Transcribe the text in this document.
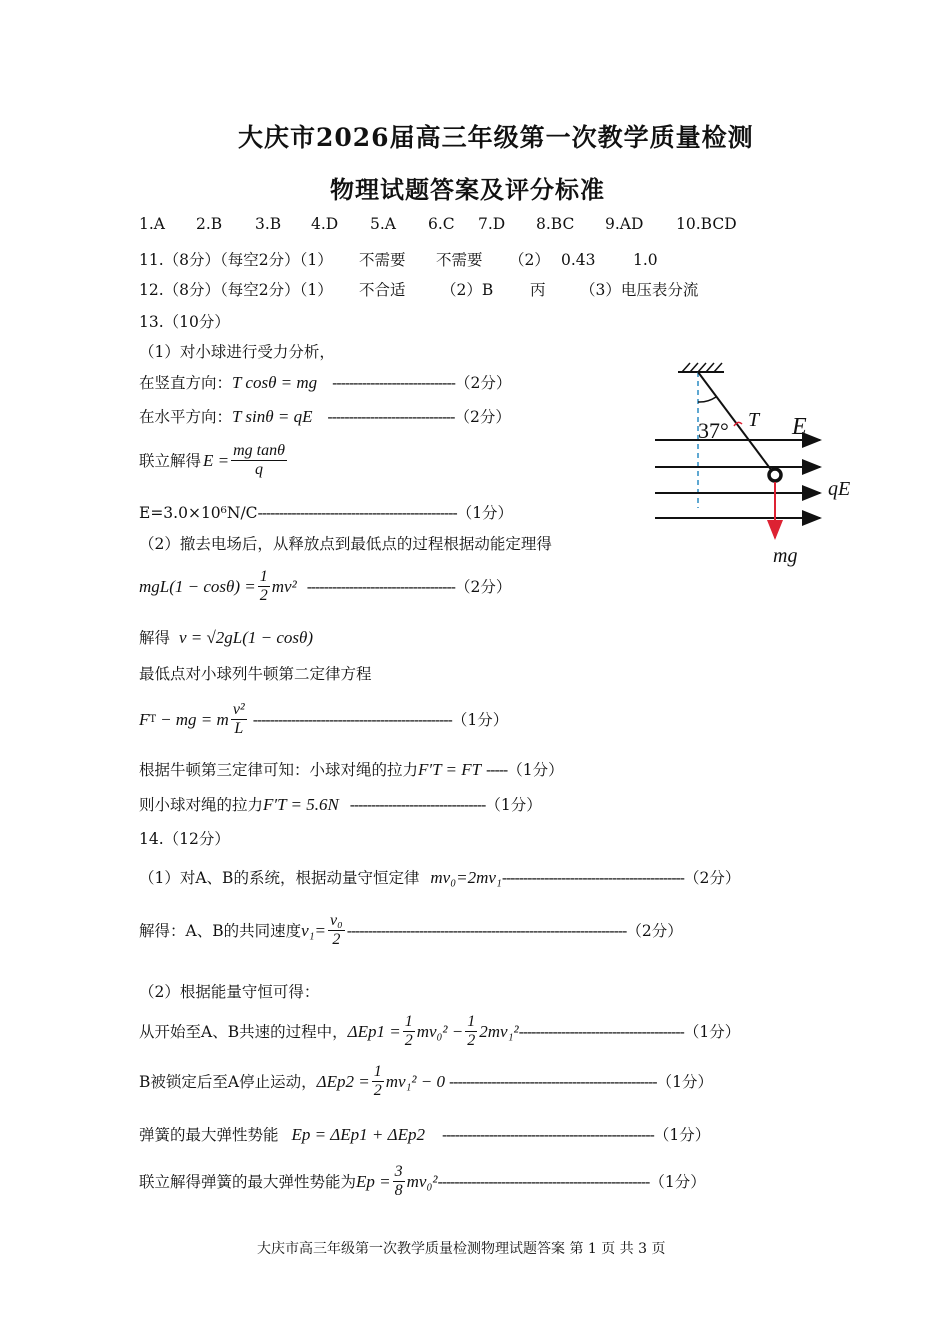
大庆市2026届高三年级第一次教学质量检测
物理试题答案及评分标准
1.A 2.B 3.B 4.D 5.A 6.C 7.D 8.BC 9.AD 10.BCD
11.（8分）（每空2分）（1） 不需要 不需要 （2） 0.43 1.0
12.（8分）（每空2分）（1） 不合适 （2）B 丙 （3）电压表分流
13.（10分）
（1）对小球进行受力分析，
在竖直方向：T cosθ = mg -----------------------------（2分）
在水平方向：T sinθ = qE ------------------------------（2分）
联立解得 $E = \frac{\text{mg tanθ}}{q}$
E=3.0×10⁶N/C-----------------------------------------------（1分）
（2）撤去电场后，从释放点到最低点的过程根据动能定理得
$mgL(1 - \cos\theta) = \frac{1}{2} mv^2$ ----------------------------------- （2分）
解得 v = √2gL(1 − cosθ)
最低点对小球列牛顿第二定律方程
F T − mg = m $\frac{\text{v²}}{L}$ ----------------------------------------------- （1分）
根据牛顿第三定律可知：小球对绳的拉力F′T = FT -----（1分）
则小球对绳的拉力F′T = 5.6N --------------------------------（1分）
37° T E
qE
mg
14.（12分）
（1）对A、B的系统，根据动量守恒定律 mv₀=2mv₁-------------------------------------------（2分）
解得：A、B的共同速度 $v_1= \frac{\text{v₀}}{2}$ ------------------------------------------------------------------ （2分）
（2）根据能量守恒可得：
从开始至A、B共速的过程中， $\Delta Ep1 = \frac{1}{2} mv_0^2 - \frac{1}{2} 2mv_1^2$ --------------------------------------- （1分）
B被锁定后至A停止运动， $\Delta Ep2 = \frac{1}{2} mv_1^2 - 0$ ------------------------------------------------- （1分）
弹簧的最大弹性势能 Ep = ΔEp1 + ΔEp2 --------------------------------------------------（1分）
联立解得弹簧的最大弹性势能为 $Ep = \frac{3}{8} mv_0^2$ -------------------------------------------------- （1分）
大庆市高三年级第一次教学质量检测物理试题答案 第 1 页 共 3 页
